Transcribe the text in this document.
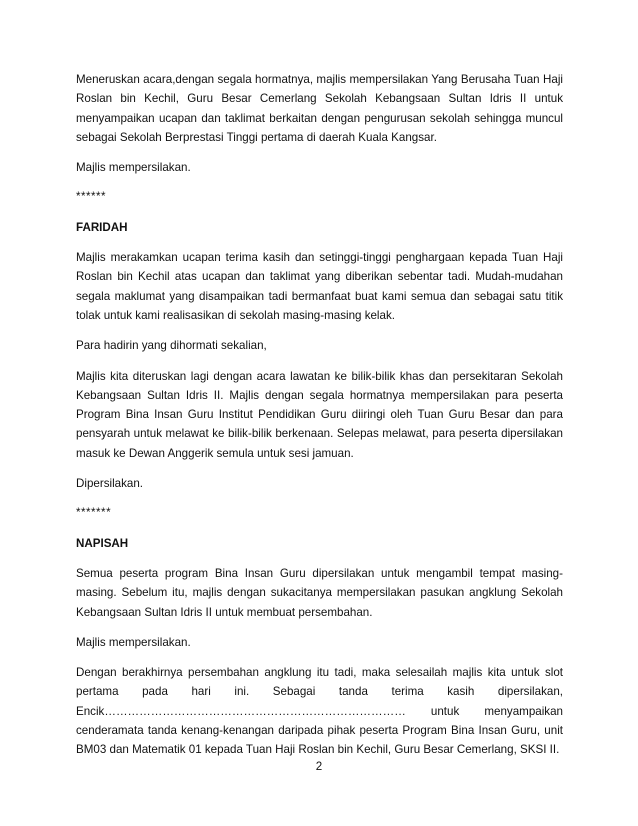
Meneruskan acara,dengan segala hormatnya, majlis mempersilakan Yang Berusaha Tuan Haji Roslan bin Kechil, Guru Besar Cemerlang Sekolah Kebangsaan Sultan Idris II untuk menyampaikan ucapan dan taklimat berkaitan dengan pengurusan sekolah sehingga muncul sebagai Sekolah Berprestasi Tinggi pertama di daerah Kuala Kangsar.

Majlis mempersilakan.

******

FARIDAH

Majlis merakamkan ucapan terima kasih dan setinggi-tinggi penghargaan kepada Tuan Haji Roslan bin Kechil atas ucapan dan taklimat yang diberikan sebentar tadi. Mudah-mudahan segala maklumat yang disampaikan tadi bermanfaat buat kami semua dan sebagai satu titik tolak untuk kami realisasikan di sekolah masing-masing kelak.

Para hadirin yang dihormati sekalian,

Majlis kita diteruskan lagi dengan acara lawatan ke bilik-bilik khas dan persekitaran Sekolah Kebangsaan Sultan Idris II. Majlis dengan segala hormatnya mempersilakan para peserta Program Bina Insan Guru Institut Pendidikan Guru diiringi oleh Tuan Guru Besar dan para pensyarah untuk melawat ke bilik-bilik berkenaan. Selepas melawat, para peserta dipersilakan masuk ke Dewan Anggerik semula untuk sesi jamuan.

Dipersilakan.

*******

NAPISAH

Semua peserta program Bina Insan Guru dipersilakan untuk mengambil tempat masing-masing. Sebelum itu, majlis dengan sukacitanya mempersilakan pasukan angklung Sekolah Kebangsaan Sultan Idris II untuk membuat persembahan.

Majlis mempersilakan.

Dengan berakhirnya persembahan angklung itu tadi, maka selesailah majlis kita untuk slot pertama pada hari ini. Sebagai tanda terima kasih dipersilakan, Encik…………………………………………………………………… untuk menyampaikan cenderamata tanda kenang-kenangan daripada pihak peserta Program Bina Insan Guru, unit BM03 dan Matematik 01 kepada Tuan Haji Roslan bin Kechil, Guru Besar Cemerlang, SKSI II.

2
